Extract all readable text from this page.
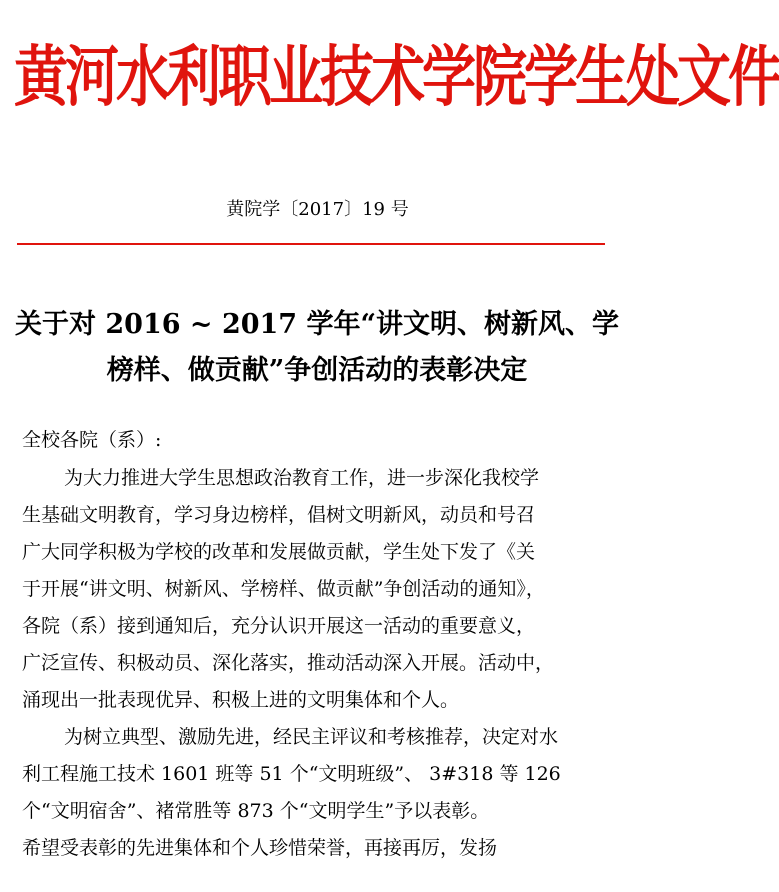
黄河水利职业技术学院学生处文件
黄院学〔2017〕19 号
关于对 2016 ~ 2017 学年“讲文明、树新风、学
榜样、做贡献”争创活动的表彰决定
全校各院（系）:
为大力推进大学生思想政治教育工作，进一步深化我校学
生基础文明教育，学习身边榜样，倡树文明新风，动员和号召
广大同学积极为学校的改革和发展做贡献，学生处下发了《关
于开展“讲文明、树新风、学榜样、做贡献”争创活动的通知》，
各院（系）接到通知后，充分认识开展这一活动的重要意义，
广泛宣传、积极动员、深化落实，推动活动深入开展。活动中，
涌现出一批表现优异、积极上进的文明集体和个人。
为树立典型、激励先进，经民主评议和考核推荐，决定对水
利工程施工技术 1601 班等 51 个“文明班级”、 3#318 等 126
个“文明宿舍”、褚常胜等 873 个“文明学生”予以表彰。
希望受表彰的先进集体和个人珍惜荣誉，再接再厉，发扬
